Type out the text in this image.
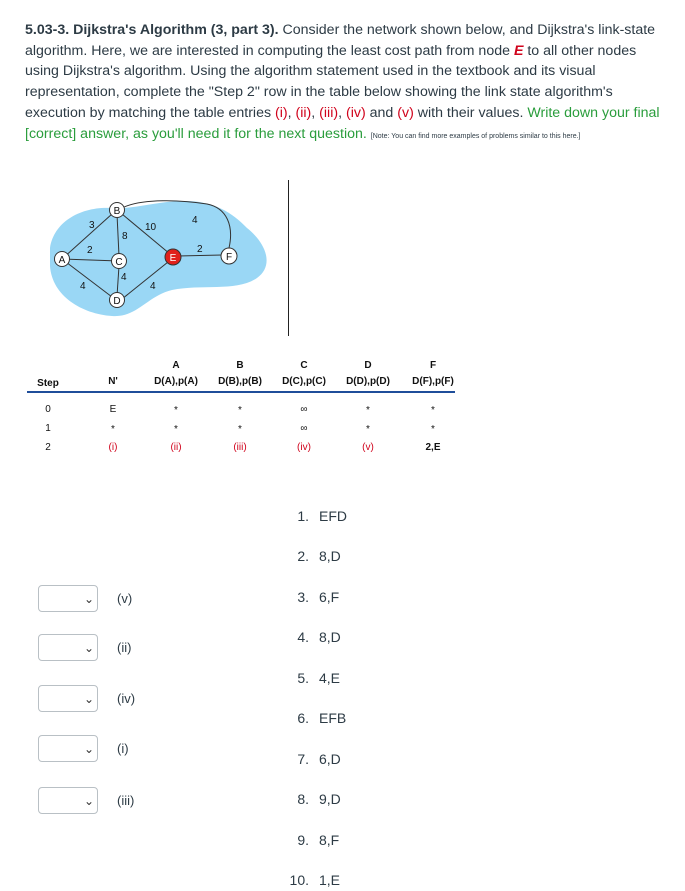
5.03-3. Dijkstra's Algorithm (3, part 3). Consider the network shown below, and Dijkstra's link-state algorithm. Here, we are interested in computing the least cost path from node E to all other nodes using Dijkstra's algorithm. Using the algorithm statement used in the textbook and its visual representation, complete the "Step 2" row in the table below showing the link state algorithm's execution by matching the table entries (i), (ii), (iii), (iv) and (v) with their values. Write down your final [correct] answer, as you'll need it for the next question. [Note: You can find more examples of problems similar to this here.]
3
2
4
8
10
4
4
4
2
A
B
C
D
E	F
A	B	C	D	F
Step	N'	D(A),p(A) D(B),p(B) D(C),p(C) D(D),p(D) D(F),p(F)
0	E	*	*	∞	*	*
1	*	*	*	∞	*	*
2	(i)	(ii)	(iii)	(iv)	(v)	2,E
1. EFD
2. 8,D
3. 6,F
4. 8,D
5. 4,E
6. EFB
7. 6,D
8. 9,D
9. 8,F
10. 1,E
⌄ (v)
⌄ (ii)
⌄ (iv)
⌄ (i)
⌄ (iii)
